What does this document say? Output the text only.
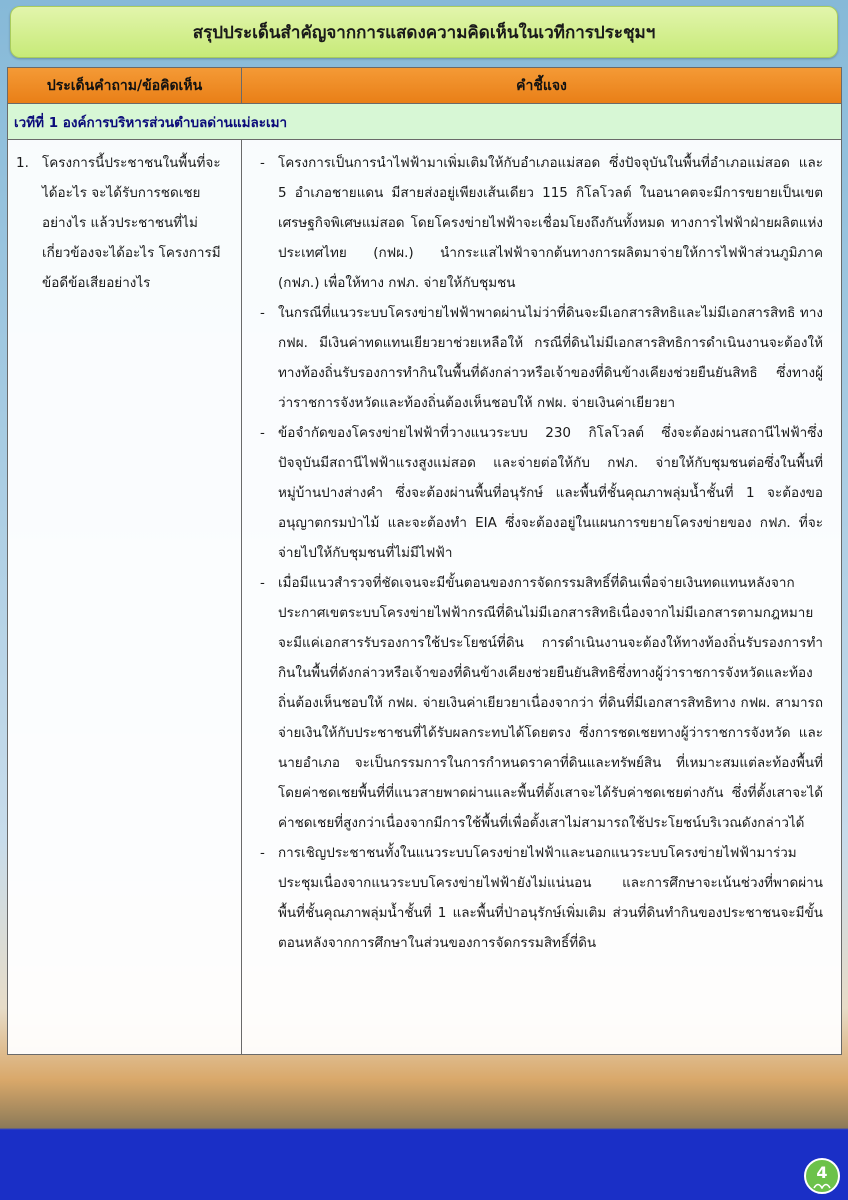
สรุปประเด็นสำคัญจากการแสดงความคิดเห็นในเวทีการประชุมฯ
ประเด็นคำถาม/ข้อคิดเห็น	คำชี้แจง
เวทีที่ 1 องค์การบริหารส่วนตำบลด่านแม่ละเมา
1. โครงการนี้ประชาชนในพื้นที่จะได้อะไร จะได้รับการชดเชยอย่างไร แล้วประชาชนที่ไม่เกี่ยวข้องจะได้อะไร โครงการมีข้อดีข้อเสียอย่างไร
- โครงการเป็นการนำไฟฟ้ามาเพิ่มเติมให้กับอำเภอแม่สอด ซึ่งปัจจุบันในพื้นที่อำเภอแม่สอด และ 5 อำเภอชายแดน มีสายส่งอยู่เพียงเส้นเดียว 115 กิโลโวลต์ ในอนาคตจะมีการขยายเป็นเขตเศรษฐกิจพิเศษแม่สอด โดยโครงข่ายไฟฟ้าจะเชื่อมโยงถึงกันทั้งหมด ทางการไฟฟ้าฝ่ายผลิตแห่งประเทศไทย (กฟผ.) นำกระแสไฟฟ้าจากต้นทางการผลิตมาจ่ายให้การไฟฟ้าส่วนภูมิภาค (กฟภ.) เพื่อให้ทาง กฟภ. จ่ายให้กับชุมชน
- ในกรณีที่แนวระบบโครงข่ายไฟฟ้าพาดผ่านไม่ว่าที่ดินจะมีเอกสารสิทธิและไม่มีเอกสารสิทธิ ทาง กฟผ. มีเงินค่าทดแทนเยียวยาช่วยเหลือให้ กรณีที่ดินไม่มีเอกสารสิทธิการดำเนินงานจะต้องให้ทางท้องถิ่นรับรองการทำกินในพื้นที่ดังกล่าวหรือเจ้าของที่ดินข้างเคียงช่วยยืนยันสิทธิ ซึ่งทางผู้ว่าราชการจังหวัดและท้องถิ่นต้องเห็นชอบให้ กฟผ. จ่ายเงินค่าเยียวยา
- ข้อจำกัดของโครงข่ายไฟฟ้าที่วางแนวระบบ 230 กิโลโวลต์ ซึ่งจะต้องผ่านสถานีไฟฟ้าซึ่งปัจจุบันมีสถานีไฟฟ้าแรงสูงแม่สอด และจ่ายต่อให้กับ กฟภ. จ่ายให้กับชุมชนต่อซึ่งในพื้นที่หมู่บ้านปางส่างคำ ซึ่งจะต้องผ่านพื้นที่อนุรักษ์ และพื้นที่ชั้นคุณภาพลุ่มน้ำชั้นที่ 1 จะต้องขออนุญาตกรมป่าไม้ และจะต้องทำ EIA ซึ่งจะต้องอยู่ในแผนการขยายโครงข่ายของ กฟภ. ที่จะจ่ายไปให้กับชุมชนที่ไม่มีไฟฟ้า
- เมื่อมีแนวสำรวจที่ชัดเจนจะมีขั้นตอนของการจัดกรรมสิทธิ์ที่ดินเพื่อจ่ายเงินทดแทนหลังจากประกาศเขตระบบโครงข่ายไฟฟ้ากรณีที่ดินไม่มีเอกสารสิทธิเนื่องจากไม่มีเอกสารตามกฎหมายจะมีแค่เอกสารรับรองการใช้ประโยชน์ที่ดิน การดำเนินงานจะต้องให้ทางท้องถิ่นรับรองการทำกินในพื้นที่ดังกล่าวหรือเจ้าของที่ดินข้างเคียงช่วยยืนยันสิทธิซึ่งทางผู้ว่าราชการจังหวัดและท้องถิ่นต้องเห็นชอบให้ กฟผ. จ่ายเงินค่าเยียวยาเนื่องจากว่า ที่ดินที่มีเอกสารสิทธิทาง กฟผ. สามารถจ่ายเงินให้กับประชาชนที่ได้รับผลกระทบได้โดยตรง ซึ่งการชดเชยทางผู้ว่าราชการจังหวัด และนายอำเภอ จะเป็นกรรมการในการกำหนดราคาที่ดินและทรัพย์สิน ที่เหมาะสมแต่ละท้องพื้นที่ โดยค่าชดเชยพื้นที่ที่แนวสายพาดผ่านและพื้นที่ตั้งเสาจะได้รับค่าชดเชยต่างกัน ซึ่งที่ตั้งเสาจะได้ค่าชดเชยที่สูงกว่าเนื่องจากมีการใช้พื้นที่เพื่อตั้งเสาไม่สามารถใช้ประโยชน์บริเวณดังกล่าวได้
- การเชิญประชาชนทั้งในแนวระบบโครงข่ายไฟฟ้าและนอกแนวระบบโครงข่ายไฟฟ้ามาร่วมประชุมเนื่องจากแนวระบบโครงข่ายไฟฟ้ายังไม่แน่นอน และการศึกษาจะเน้นช่วงที่พาดผ่านพื้นที่ชั้นคุณภาพลุ่มน้ำชั้นที่ 1 และพื้นที่ป่าอนุรักษ์เพิ่มเติม ส่วนที่ดินทำกินของประชาชนจะมีขั้นตอนหลังจากการศึกษาในส่วนของการจัดกรรมสิทธิ์ที่ดิน
4
